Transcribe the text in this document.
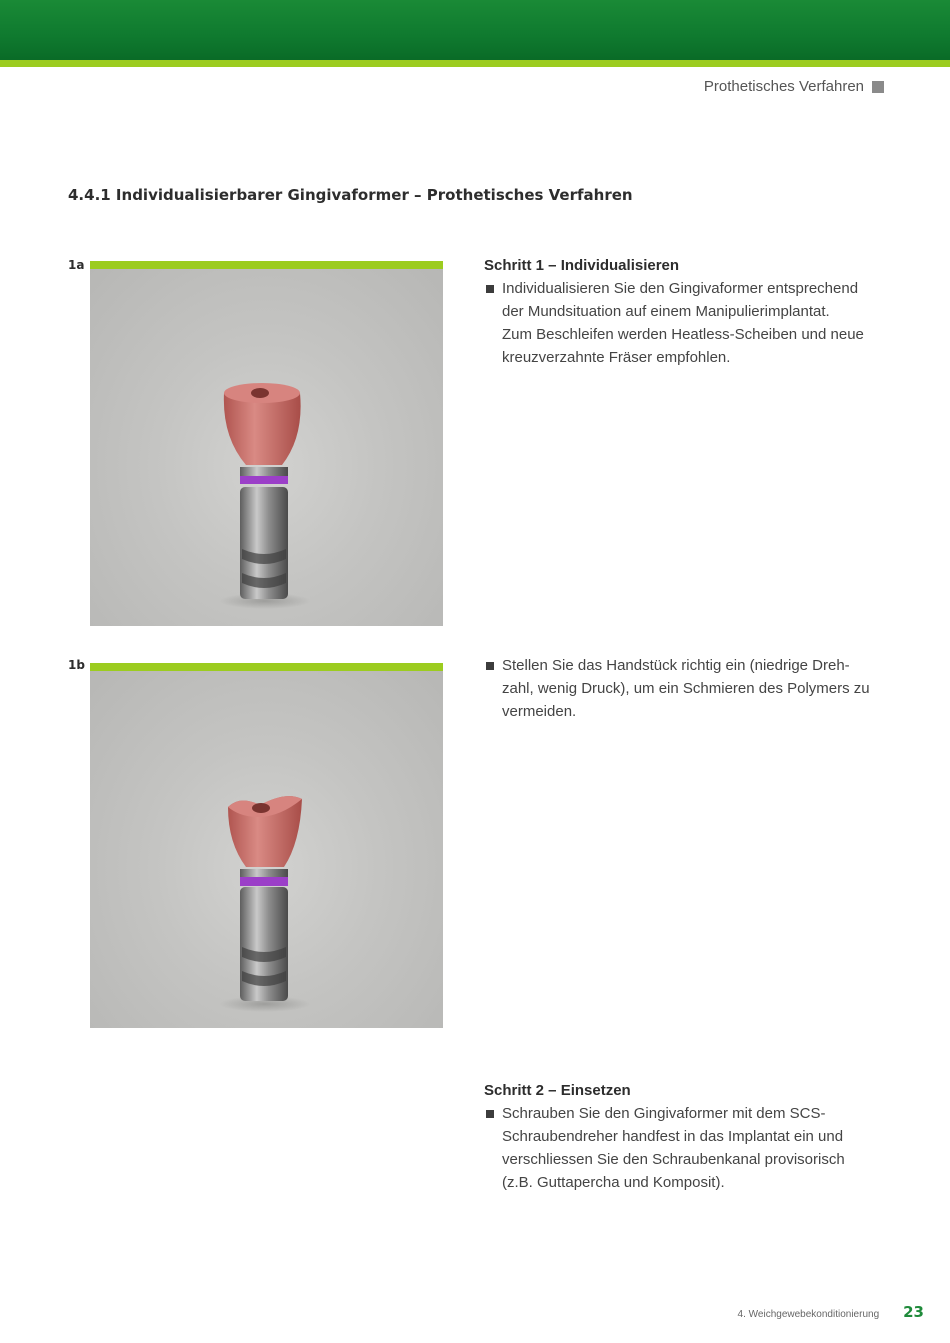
Prothetisches Verfahren
4.4.1 Individualisierbarer Gingivaformer – Prothetisches Verfahren
1a
1b

Schritt 1 – Individualisieren

Individualisieren Sie den Gingivaformer entsprechend
der Mundsituation auf einem Manipulierimplantat.
Zum Beschleifen werden Heatless-Scheiben und neue
kreuzverzahnte Fräser empfohlen.
Stellen Sie das Handstück richtig ein (niedrige Dreh-
zahl, wenig Druck), um ein Schmieren des Polymers zu
vermeiden.

Schritt 2 – Einsetzen

Schrauben Sie den Gingivaformer mit dem SCS-
Schraubendreher handfest in das Implantat ein und
verschliessen Sie den Schraubenkanal provisorisch
(z.B. Guttapercha und Komposit).
4. Weichgewebekonditionierung 23
